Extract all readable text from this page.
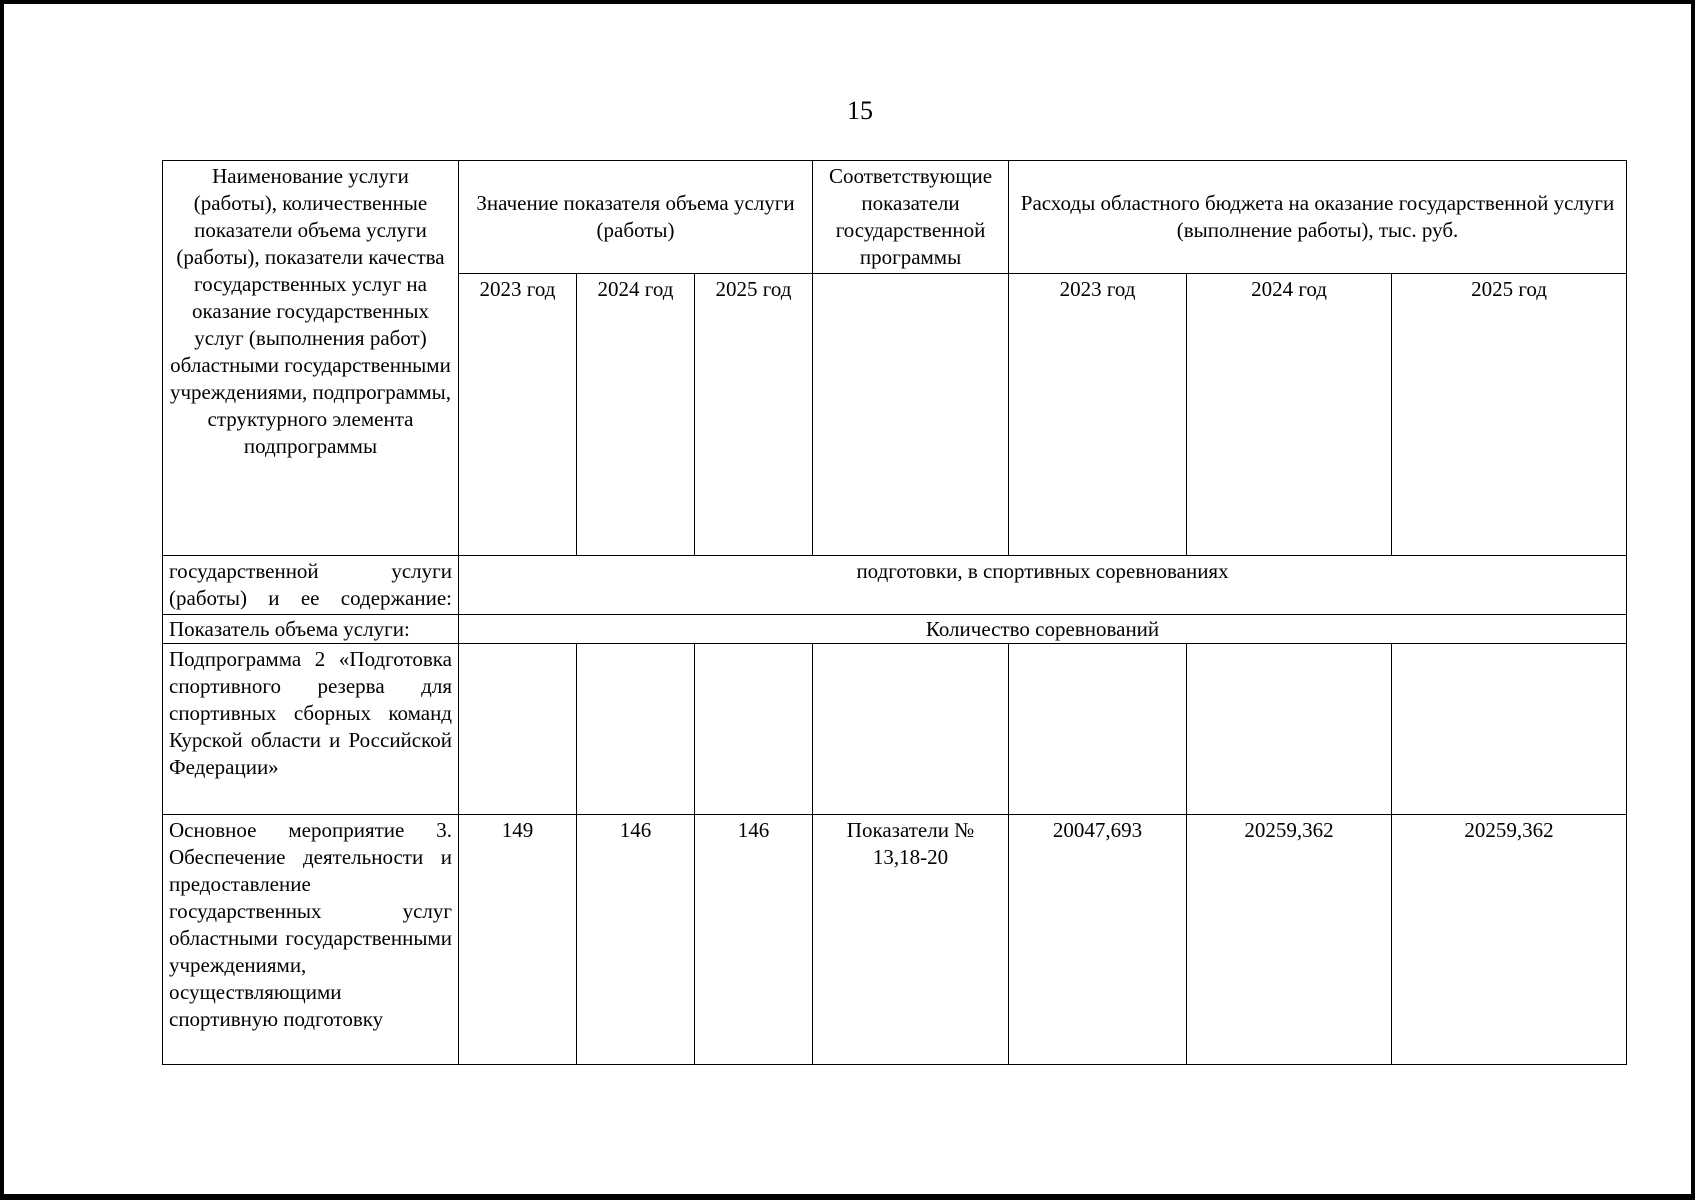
15
Наименование услуги (работы), количественные показатели объема услуги (работы), показатели качества государственных услуг на оказание государственных услуг (выполнения работ) областными государственными учреждениями, подпрограммы, структурного элемента подпрограммы	Значение показателя объема услуги (работы)			Соответствующие показатели государственной программы	Расходы областного бюджета на оказание государственной услуги (выполнение работы), тыс. руб.		
	2023 год	2024 год	2025 год		2023 год	2024 год	2025 год
государственной услуги (работы) и ее содержание:	подготовки, в спортивных соревнованиях						
Показатель объема услуги:	Количество соревнований						
Подпрограмма 2 «Подготовка спортивного резерва для спортивных сборных команд Курской области и Российской Федерации»							
Основное мероприятие 3. Обеспечение деятельности и предоставление государственных услуг областными государственными учреждениями, осуществляющими спортивную подготовку	149	146	146	Показатели № 13,18-20	20047,693	20259,362	20259,362
